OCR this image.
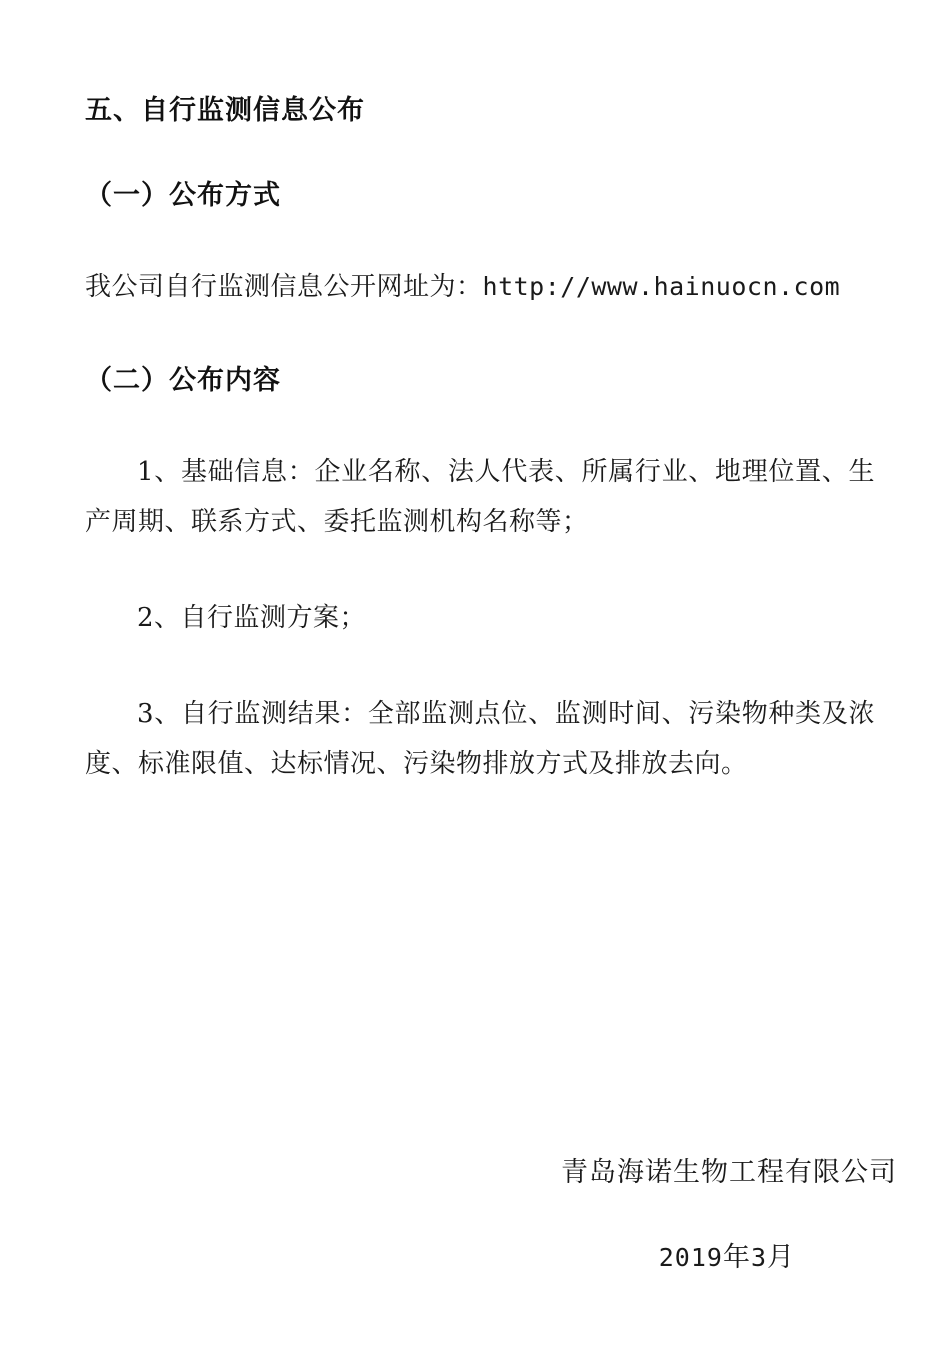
五、自行监测信息公布
（一）公布方式

我公司自行监测信息公开网址为：http://www.hainuocn.com

（二）公布内容

1、基础信息：企业名称、法人代表、所属行业、地理位置、生产周期、联系方式、委托监测机构名称等；

2、自行监测方案；

3、自行监测结果：全部监测点位、监测时间、污染物种类及浓度、标准限值、达标情况、污染物排放方式及排放去向。

青岛海诺生物工程有限公司

2019年3月
